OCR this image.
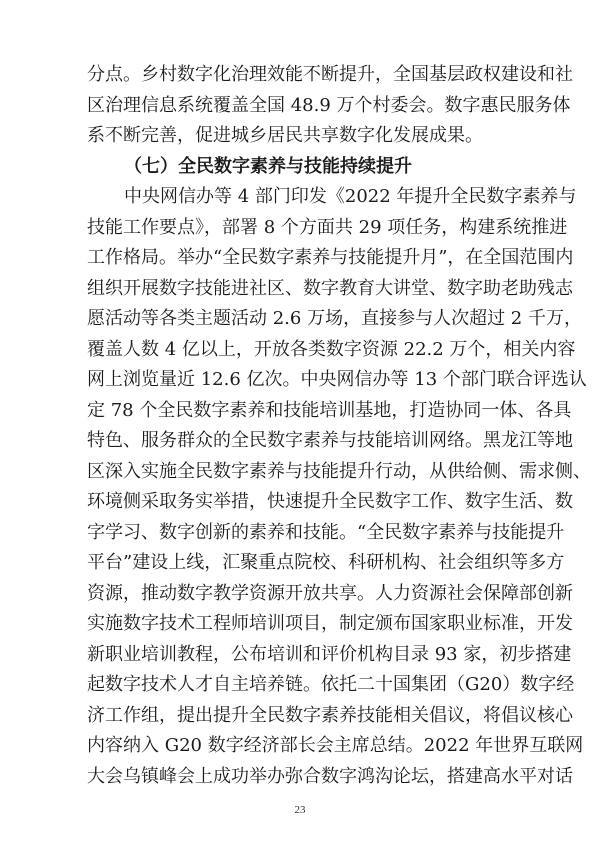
分点。乡村数字化治理效能不断提升，全国基层政权建设和社
区治理信息系统覆盖全国 48.9 万个村委会。数字惠民服务体
系不断完善，促进城乡居民共享数字化发展成果。
（七）全民数字素养与技能持续提升
中央网信办等 4 部门印发《2022 年提升全民数字素养与
技能工作要点》，部署 8 个方面共 29 项任务，构建系统推进
工作格局。举办“全民数字素养与技能提升月”，在全国范围内
组织开展数字技能进社区、数字教育大讲堂、数字助老助残志
愿活动等各类主题活动 2.6 万场，直接参与人次超过 2 千万，
覆盖人数 4 亿以上，开放各类数字资源 22.2 万个，相关内容
网上浏览量近 12.6 亿次。中央网信办等 13 个部门联合评选认
定 78 个全民数字素养和技能培训基地，打造协同一体、各具
特色、服务群众的全民数字素养与技能培训网络。黑龙江等地
区深入实施全民数字素养与技能提升行动，从供给侧、需求侧、
环境侧采取务实举措，快速提升全民数字工作、数字生活、数
字学习、数字创新的素养和技能。“全民数字素养与技能提升
平台”建设上线，汇聚重点院校、科研机构、社会组织等多方
资源，推动数字教学资源开放共享。人力资源社会保障部创新
实施数字技术工程师培训项目，制定颁布国家职业标准，开发
新职业培训教程，公布培训和评价机构目录 93 家，初步搭建
起数字技术人才自主培养链。依托二十国集团（G20）数字经
济工作组，提出提升全民数字素养技能相关倡议，将倡议核心
内容纳入 G20 数字经济部长会主席总结。2022 年世界互联网
大会乌镇峰会上成功举办弥合数字鸿沟论坛，搭建高水平对话
23
